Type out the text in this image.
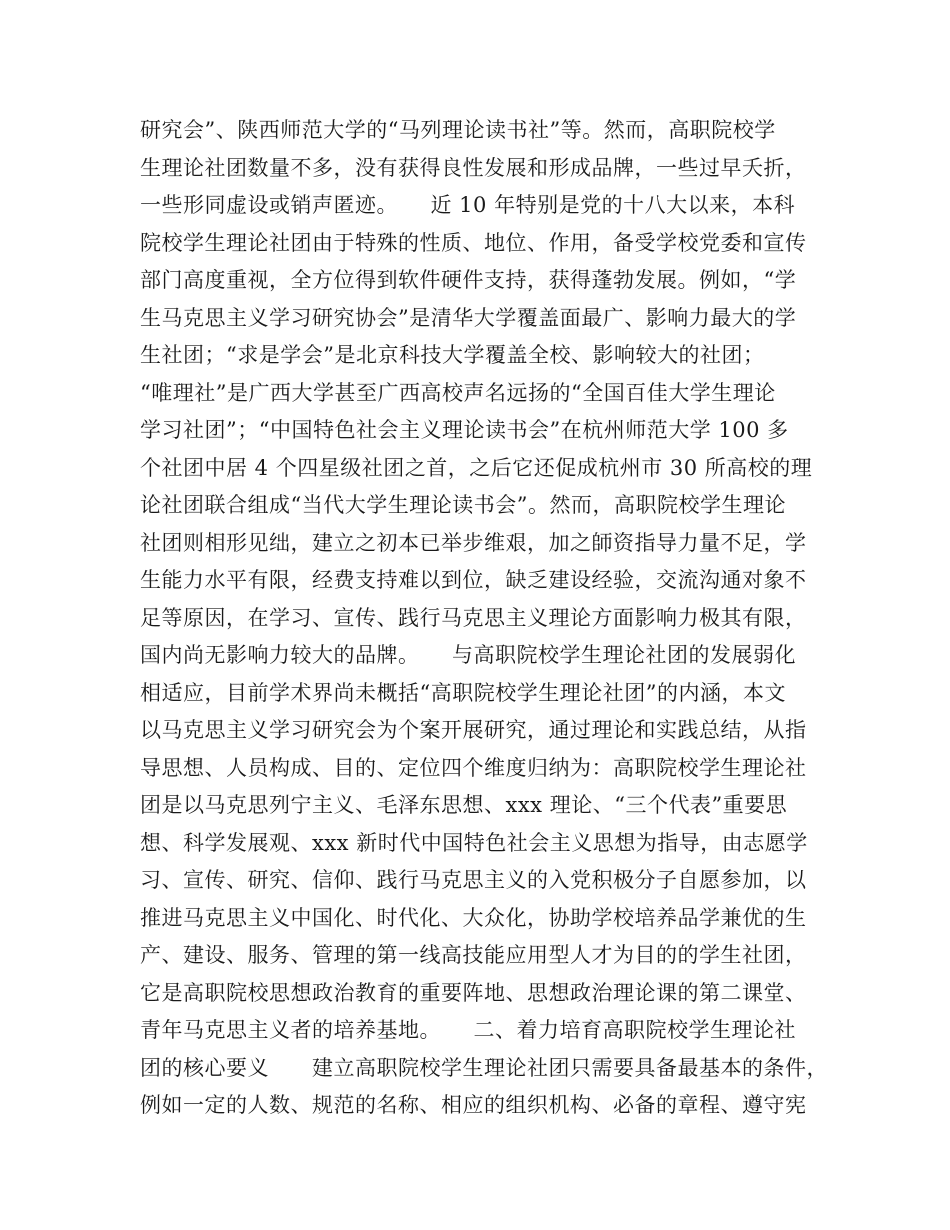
研究会”、陕西师范大学的“马列理论读书社”等。然而，高职院校学
生理论社团数量不多，没有获得良性发展和形成品牌，一些过早夭折，
一些形同虚设或销声匿迹。　　近 10 年特别是党的十八大以来，本科
院校学生理论社团由于特殊的性质、地位、作用，备受学校党委和宣传
部门高度重视，全方位得到软件硬件支持，获得蓬勃发展。例如，“学
生马克思主义学习研究协会”是清华大学覆盖面最广、影响力最大的学
生社团；“求是学会”是北京科技大学覆盖全校、影响较大的社团；
“唯理社”是广西大学甚至广西高校声名远扬的“全国百佳大学生理论
学习社团”；“中国特色社会主义理论读书会”在杭州师范大学 100 多
个社团中居 4 个四星级社团之首，之后它还促成杭州市 30 所高校的理
论社团联合组成“当代大学生理论读书会”。然而，高职院校学生理论
社团则相形见绌，建立之初本已举步维艰，加之師资指导力量不足，学
生能力水平有限，经费支持难以到位，缺乏建设经验，交流沟通对象不
足等原因，在学习、宣传、践行马克思主义理论方面影响力极其有限，
国内尚无影响力较大的品牌。　　与高职院校学生理论社团的发展弱化
相适应，目前学术界尚未概括“高职院校学生理论社团”的内涵，本文
以马克思主义学习研究会为个案开展研究，通过理论和实践总结，从指
导思想、人员构成、目的、定位四个维度归纳为：高职院校学生理论社
团是以马克思列宁主义、毛泽东思想、xxx 理论、“三个代表”重要思
想、科学发展观、xxx 新时代中国特色社会主义思想为指导，由志愿学
习、宣传、研究、信仰、践行马克思主义的入党积极分子自愿参加，以
推进马克思主义中国化、时代化、大众化，协助学校培养品学兼优的生
产、建设、服务、管理的第一线高技能应用型人才为目的的学生社团，
它是高职院校思想政治教育的重要阵地、思想政治理论课的第二课堂、
青年马克思主义者的培养基地。　　二、着力培育高职院校学生理论社
团的核心要义　　建立高职院校学生理论社团只需要具备最基本的条件，
例如一定的人数、规范的名称、相应的组织机构、必备的章程、遵守宪
